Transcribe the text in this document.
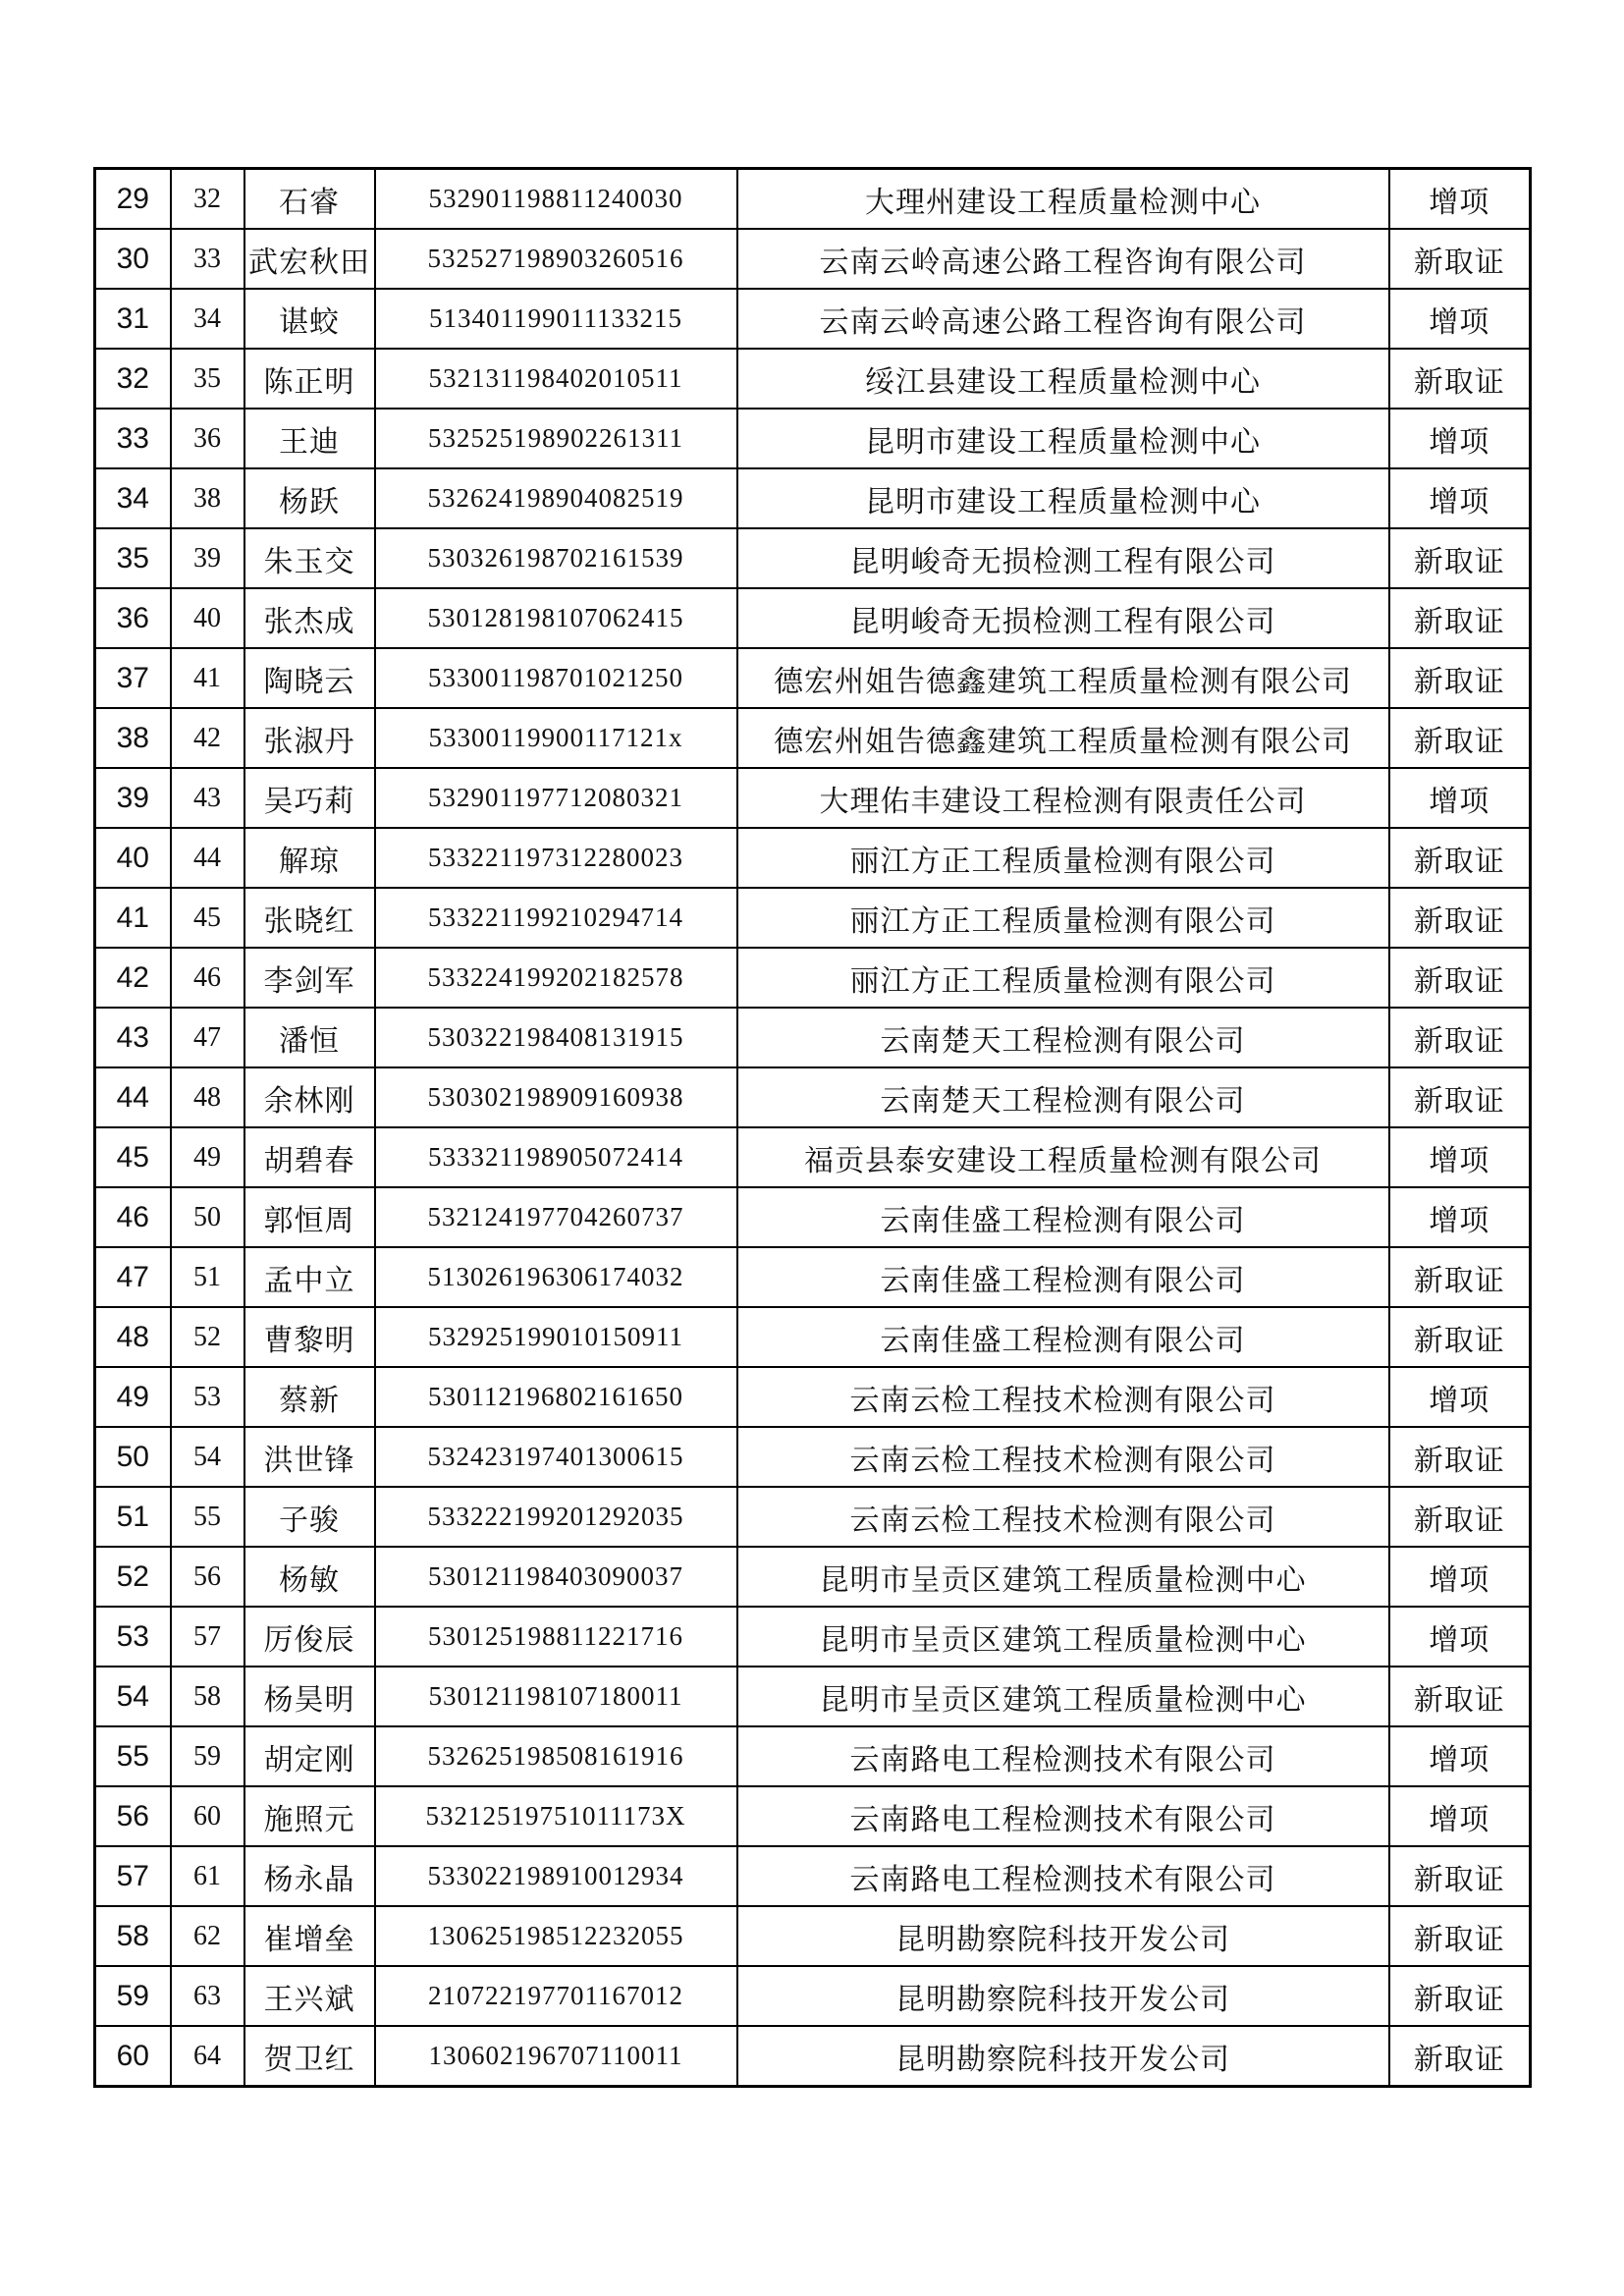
29	32	石睿	532901198811240030	大理州建设工程质量检测中心	增项
30	33	武宏秋田	532527198903260516	云南云岭高速公路工程咨询有限公司	新取证
31	34	谌蛟	513401199011133215	云南云岭高速公路工程咨询有限公司	增项
32	35	陈正明	532131198402010511	绥江县建设工程质量检测中心	新取证
33	36	王迪	532525198902261311	昆明市建设工程质量检测中心	增项
34	38	杨跃	532624198904082519	昆明市建设工程质量检测中心	增项
35	39	朱玉交	530326198702161539	昆明峻奇无损检测工程有限公司	新取证
36	40	张杰成	530128198107062415	昆明峻奇无损检测工程有限公司	新取证
37	41	陶晓云	533001198701021250	德宏州姐告德鑫建筑工程质量检测有限公司	新取证
38	42	张淑丹	53300119900117121x	德宏州姐告德鑫建筑工程质量检测有限公司	新取证
39	43	吴巧莉	532901197712080321	大理佑丰建设工程检测有限责任公司	增项
40	44	解琼	533221197312280023	丽江方正工程质量检测有限公司	新取证
41	45	张晓红	533221199210294714	丽江方正工程质量检测有限公司	新取证
42	46	李剑军	533224199202182578	丽江方正工程质量检测有限公司	新取证
43	47	潘恒	530322198408131915	云南楚天工程检测有限公司	新取证
44	48	余林刚	530302198909160938	云南楚天工程检测有限公司	新取证
45	49	胡碧春	533321198905072414	福贡县泰安建设工程质量检测有限公司	增项
46	50	郭恒周	532124197704260737	云南佳盛工程检测有限公司	增项
47	51	孟中立	513026196306174032	云南佳盛工程检测有限公司	新取证
48	52	曹黎明	532925199010150911	云南佳盛工程检测有限公司	新取证
49	53	蔡新	530112196802161650	云南云检工程技术检测有限公司	增项
50	54	洪世锋	532423197401300615	云南云检工程技术检测有限公司	新取证
51	55	子骏	533222199201292035	云南云检工程技术检测有限公司	新取证
52	56	杨敏	530121198403090037	昆明市呈贡区建筑工程质量检测中心	增项
53	57	厉俊辰	530125198811221716	昆明市呈贡区建筑工程质量检测中心	增项
54	58	杨昊明	530121198107180011	昆明市呈贡区建筑工程质量检测中心	新取证
55	59	胡定刚	532625198508161916	云南路电工程检测技术有限公司	增项
56	60	施照元	53212519751011173X	云南路电工程检测技术有限公司	增项
57	61	杨永晶	533022198910012934	云南路电工程检测技术有限公司	新取证
58	62	崔增垒	130625198512232055	昆明勘察院科技开发公司	新取证
59	63	王兴斌	210722197701167012	昆明勘察院科技开发公司	新取证
60	64	贺卫红	130602196707110011	昆明勘察院科技开发公司	新取证
